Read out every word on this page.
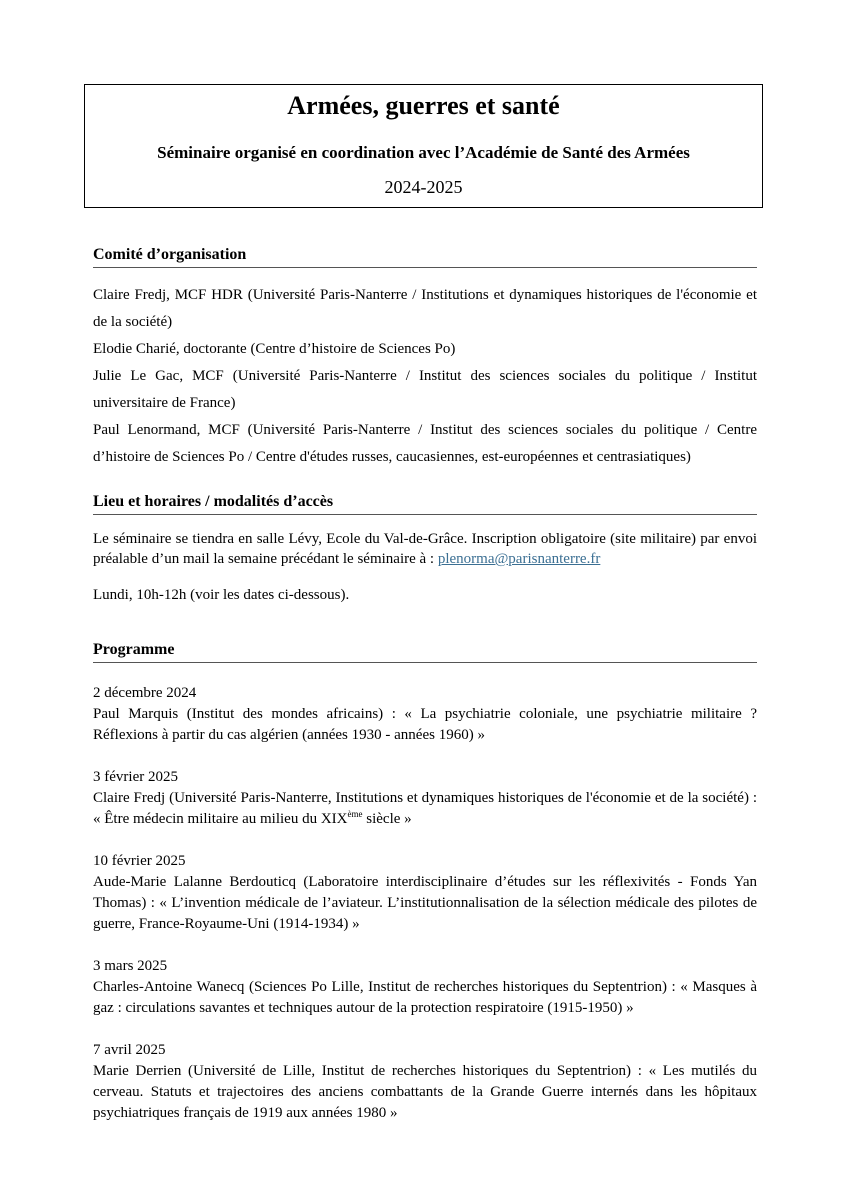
Armées, guerres et santé
Séminaire organisé en coordination avec l’Académie de Santé des Armées
2024-2025
Comité d’organisation

Claire Fredj, MCF HDR (Université Paris-Nanterre / Institutions et dynamiques historiques de l'économie et de la société)

Elodie Charié, doctorante (Centre d’histoire de Sciences Po)

Julie Le Gac, MCF (Université Paris-Nanterre / Institut des sciences sociales du politique / Institut universitaire de France)

Paul Lenormand, MCF (Université Paris-Nanterre / Institut des sciences sociales du politique / Centre d’histoire de Sciences Po / Centre d'études russes, caucasiennes, est-européennes et centrasiatiques)

Lieu et horaires / modalités d’accès

Le séminaire se tiendra en salle Lévy, Ecole du Val-de-Grâce. Inscription obligatoire (site militaire) par envoi préalable d’un mail la semaine précédant le séminaire à : plenorma@parisnanterre.fr

Lundi, 10h-12h (voir les dates ci-dessous).

Programme

2 décembre 2024

Paul Marquis (Institut des mondes africains) : « La psychiatrie coloniale, une psychiatrie militaire ? Réflexions à partir du cas algérien (années 1930 - années 1960) »

3 février 2025

Claire Fredj (Université Paris-Nanterre, Institutions et dynamiques historiques de l'économie et de la société) : « Être médecin militaire au milieu du XIXème siècle »

10 février 2025

Aude-Marie Lalanne Berdouticq (Laboratoire interdisciplinaire d’études sur les réflexivités - Fonds Yan Thomas) : « L’invention médicale de l’aviateur. L’institutionnalisation de la sélection médicale des pilotes de guerre, France-Royaume-Uni (1914-1934) »

3 mars 2025

Charles-Antoine Wanecq (Sciences Po Lille, Institut de recherches historiques du Septentrion) : « Masques à gaz : circulations savantes et techniques autour de la protection respiratoire (1915-1950) »

7 avril 2025

Marie Derrien (Université de Lille, Institut de recherches historiques du Septentrion) : « Les mutilés du cerveau. Statuts et trajectoires des anciens combattants de la Grande Guerre internés dans les hôpitaux psychiatriques français de 1919 aux années 1980 »
